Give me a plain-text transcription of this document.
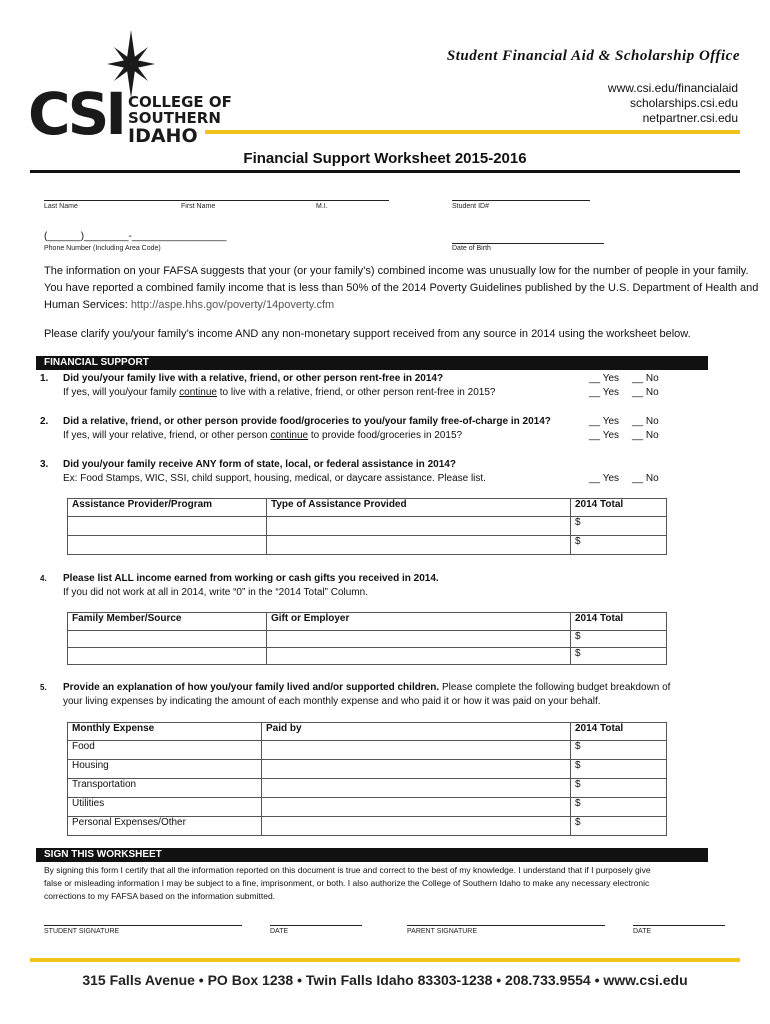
CSI COLLEGE OF
SOUTHERN
IDAHO
Student Financial Aid & Scholarship Office
www.csi.edu/financialaid
scholarships.csi.edu
netpartner.csi.edu
Financial Support Worksheet 2015-2016
Last Name	First Name	M.I.	Student ID#
(______)________-_________________
Phone Number (Including Area Code)	Date of Birth
The information on your FAFSA suggests that your (or your family’s) combined income was unusually low for the number of people in your family.
You have reported a combined family income that is less than 50% of the 2014 Poverty Guidelines published by the U.S. Department of Health and
Human Services: http://aspe.hhs.gov/poverty/14poverty.cfm
Please clarify you/your family’s income AND any non-monetary support received from any source in 2014 using the worksheet below.
FINANCIAL SUPPORT
1. Did you/your family live with a relative, friend, or other person rent-free in 2014?
If yes, will you/your family continue to live with a relative, friend, or other person rent-free in 2015?
__ Yes __ No
__ Yes __ No
2. Did a relative, friend, or other person provide food/groceries to you/your family free-of-charge in 2014?
If yes, will your relative, friend, or other person continue to provide food/groceries in 2015?
__ Yes __ No
__ Yes __ No
3. Did you/your family receive ANY form of state, local, or federal assistance in 2014?
Ex: Food Stamps, WIC, SSI, child support, housing, medical, or daycare assistance. Please list.	__ Yes __ No
Assistance Provider/Program	Type of Assistance Provided	2014 Total
		$
		$
4. Please list ALL income earned from working or cash gifts you received in 2014.
If you did not work at all in 2014, write “0” in the “2014 Total” Column.
Family Member/Source	Gift or Employer	2014 Total
		$
		$
5. Provide an explanation of how you/your family lived and/or supported children. Please complete the following budget breakdown of
your living expenses by indicating the amount of each monthly expense and who paid it or how it was paid on your behalf.
Monthly Expense	Paid by	2014 Total
Food		$
Housing		$
Transportation		$
Utilities		$
Personal Expenses/Other		$
SIGN THIS WORKSHEET
By signing this form I certify that all the information reported on this document is true and correct to the best of my knowledge. I understand that if I purposely give
false or misleading information I may be subject to a fine, imprisonment, or both. I also authorize the College of Southern Idaho to make any necessary electronic
corrections to my FAFSA based on the information submitted.
STUDENT SIGNATURE	DATE	PARENT SIGNATURE	DATE
315 Falls Avenue • PO Box 1238 • Twin Falls Idaho 83303-1238 • 208.733.9554 • www.csi.edu
